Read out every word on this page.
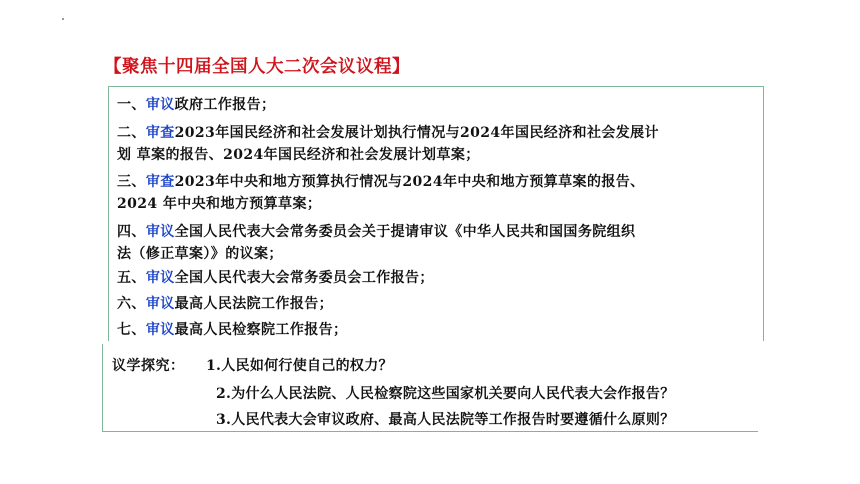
【聚焦十四届全国人大二次会议议程】
一、审议政府工作报告；
二、审查2023年国民经济和社会发展计划执行情况与2024年国民经济和社会发展计
划 草案的报告、2024年国民经济和社会发展计划草案；
三、审查2023年中央和地方预算执行情况与2024年中央和地方预算草案的报告、
2024 年中央和地方预算草案；
四、审议全国人民代表大会常务委员会关于提请审议《中华人民共和国国务院组织
法（修正草案）》的议案；
五、审议全国人民代表大会常务委员会工作报告；
六、审议最高人民法院工作报告；
七、审议最高人民检察院工作报告；
议学探究： 1.人民如何行使自己的权力？
2.为什么人民法院、人民检察院这些国家机关要向人民代表大会作报告？
3.人民代表大会审议政府、最高人民法院等工作报告时要遵循什么原则？
